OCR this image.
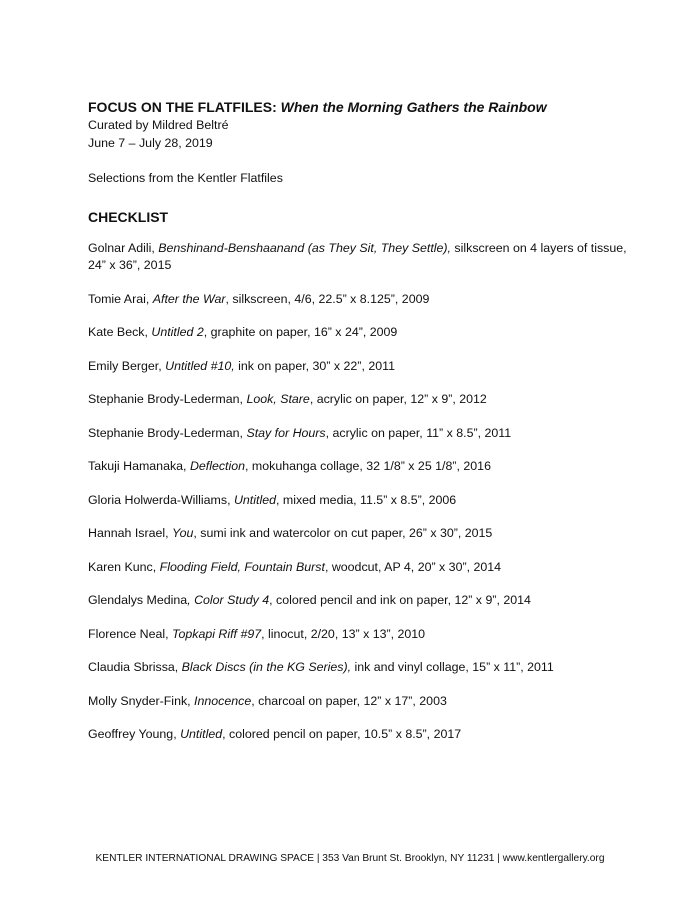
FOCUS ON THE FLATFILES: When the Morning Gathers the Rainbow

Curated by Mildred Beltré

June 7 – July 28, 2019

Selections from the Kentler Flatfiles

CHECKLIST

Golnar Adili, Benshinand-Benshaanand (as They Sit, They Settle), silkscreen on 4 layers of tissue, 24” x 36”, 2015
Tomie Arai, After the War, silkscreen, 4/6, 22.5” x 8.125”, 2009
Kate Beck, Untitled 2, graphite on paper, 16” x 24”, 2009
Emily Berger, Untitled #10, ink on paper, 30” x 22”, 2011
Stephanie Brody-Lederman, Look, Stare, acrylic on paper, 12” x 9”, 2012
Stephanie Brody-Lederman, Stay for Hours, acrylic on paper, 11” x 8.5”, 2011
Takuji Hamanaka, Deflection, mokuhanga collage, 32 1/8” x 25 1/8”, 2016
Gloria Holwerda-Williams, Untitled, mixed media, 11.5” x 8.5”, 2006
Hannah Israel, You, sumi ink and watercolor on cut paper, 26” x 30”, 2015
Karen Kunc, Flooding Field, Fountain Burst, woodcut, AP 4, 20” x 30”, 2014
Glendalys Medina, Color Study 4, colored pencil and ink on paper, 12” x 9”, 2014
Florence Neal, Topkapi Riff #97, linocut, 2/20, 13” x 13”, 2010
Claudia Sbrissa, Black Discs (in the KG Series), ink and vinyl collage, 15” x 11”, 2011
Molly Snyder-Fink, Innocence, charcoal on paper, 12” x 17”, 2003
Geoffrey Young, Untitled, colored pencil on paper, 10.5” x 8.5”, 2017
KENTLER INTERNATIONAL DRAWING SPACE | 353 Van Brunt St. Brooklyn, NY 11231 | www.kentlergallery.org
